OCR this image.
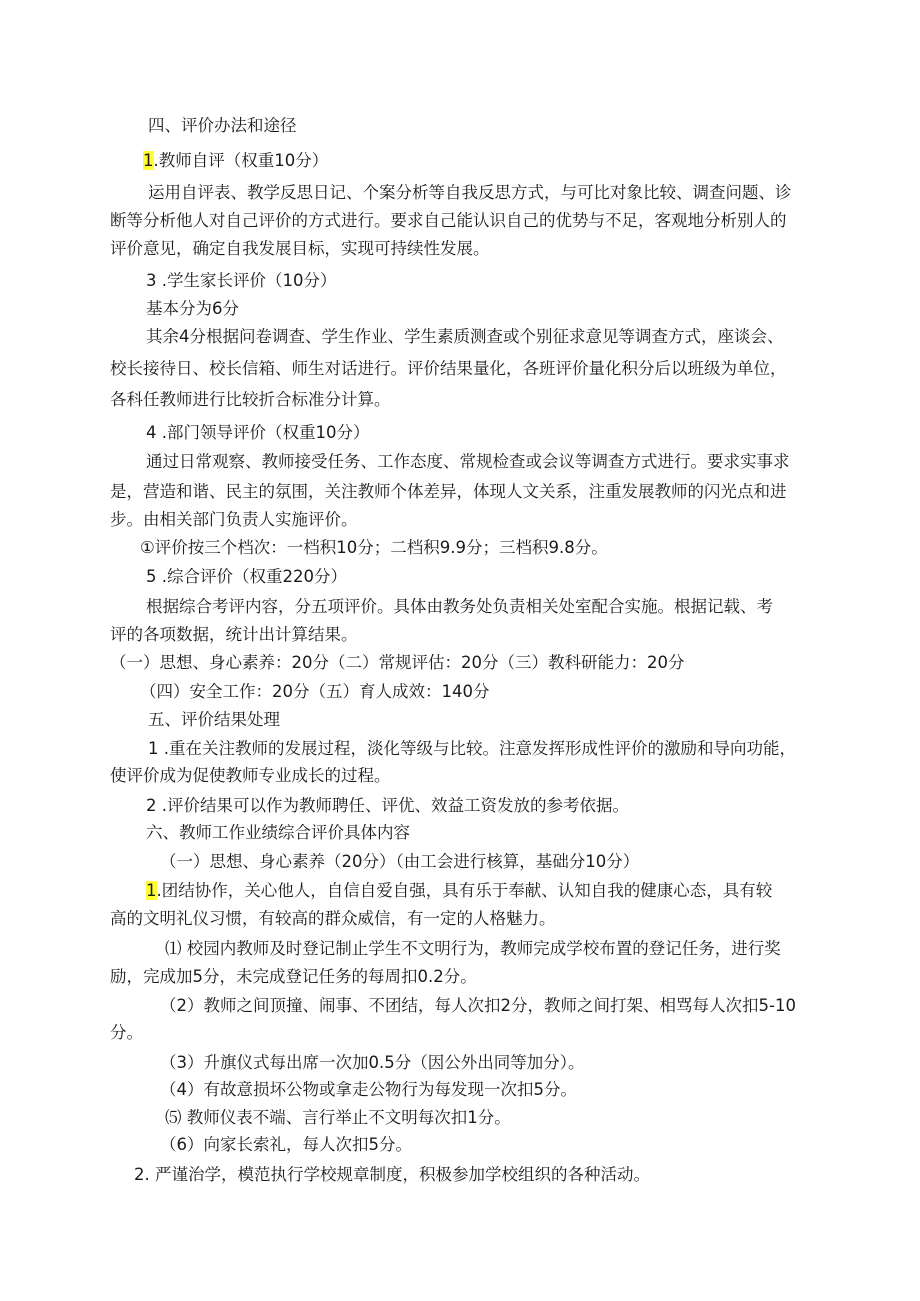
四、评价办法和途径
1.教师自评（权重10分）
运用自评表、教学反思日记、个案分析等自我反思方式，与可比对象比较、调查问题、诊
断等分析他人对自己评价的方式进行。要求自己能认识自己的优势与不足，客观地分析别人的
评价意见，确定自我发展目标，实现可持续性发展。
3 .学生家长评价（10分）
基本分为6分
其余4分根据问卷调查、学生作业、学生素质测查或个别征求意见等调查方式，座谈会、
校长接待日、校长信箱、师生对话进行。评价结果量化，各班评价量化积分后以班级为单位，
各科任教师进行比较折合标准分计算。
4 .部门领导评价（权重10分）
通过日常观察、教师接受任务、工作态度、常规检查或会议等调查方式进行。要求实事求
是，营造和谐、民主的氛围，关注教师个体差异，体现人文关系，注重发展教师的闪光点和进
步。由相关部门负责人实施评价。
①评价按三个档次：一档积10分；二档积9.9分；三档积9.8分。
5 .综合评价（权重220分）
根据综合考评内容，分五项评价。具体由教务处负责相关处室配合实施。根据记载、考
评的各项数据，统计出计算结果。
（一）思想、身心素养：20分（二）常规评估：20分（三）教科研能力：20分
（四）安全工作：20分（五）育人成效：140分
五、评价结果处理
1 .重在关注教师的发展过程，淡化等级与比较。注意发挥形成性评价的激励和导向功能，
使评价成为促使教师专业成长的过程。
2 .评价结果可以作为教师聘任、评优、效益工资发放的参考依据。
六、教师工作业绩综合评价具体内容
（一）思想、身心素养（20分）（由工会进行核算，基础分10分）
1.团结协作，关心他人，自信自爱自强，具有乐于奉献、认知自我的健康心态，具有较
高的文明礼仪习惯，有较高的群众威信，有一定的人格魅力。
⑴ 校园内教师及时登记制止学生不文明行为，教师完成学校布置的登记任务，进行奖
励，完成加5分，未完成登记任务的每周扣0.2分。
（2）教师之间顶撞、闹事、不团结，每人次扣2分，教师之间打架、相骂每人次扣5-10
分。
（3）升旗仪式每出席一次加0.5分（因公外出同等加分）。
（4）有故意损坏公物或拿走公物行为每发现一次扣5分。
⑸ 教师仪表不端、言行举止不文明每次扣1分。
（6）向家长索礼，每人次扣5分。
2. 严谨治学，模范执行学校规章制度，积极参加学校组织的各种活动。
